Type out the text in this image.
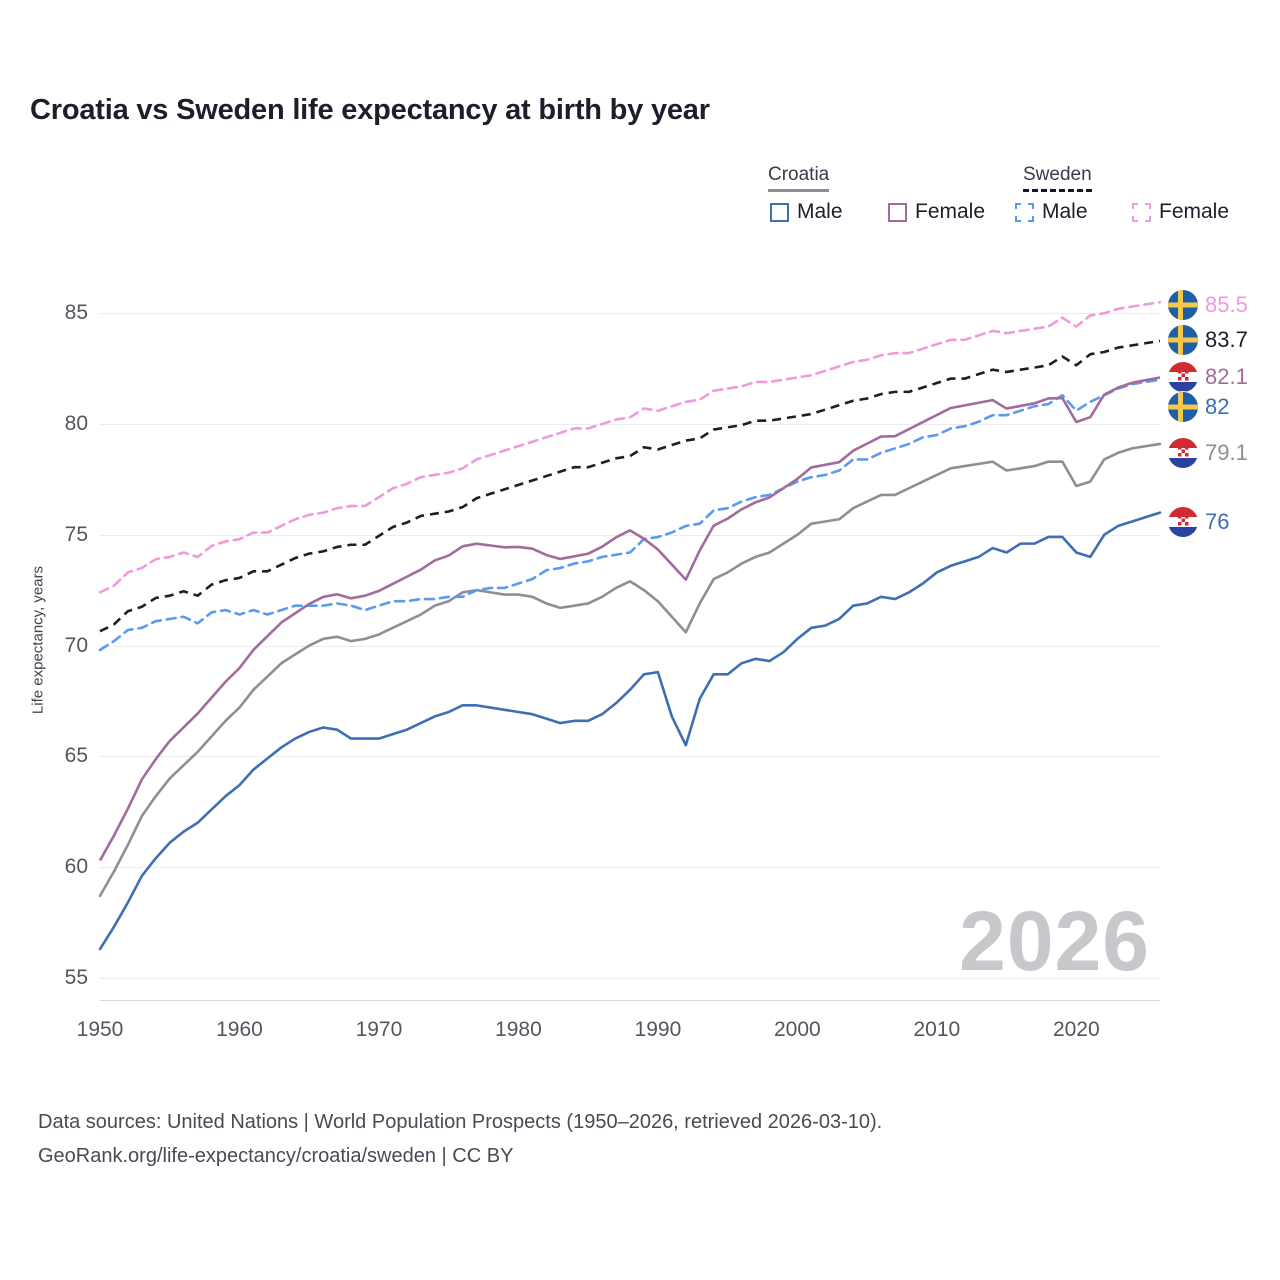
Croatia vs Sweden life expectancy at birth by year
Croatia	Sweden
Male	Female	Male	Female
Life expectancy, years
55
60
65
70
75
80
85
1950	1960	1970	1980	1990	2000	2010	2020
2026
85.5
83.7
82.1
82
79.1
76
Data sources: United Nations | World Population Prospects (1950–2026, retrieved 2026-03-10).
GeoRank.org/life-expectancy/croatia/sweden | CC BY
